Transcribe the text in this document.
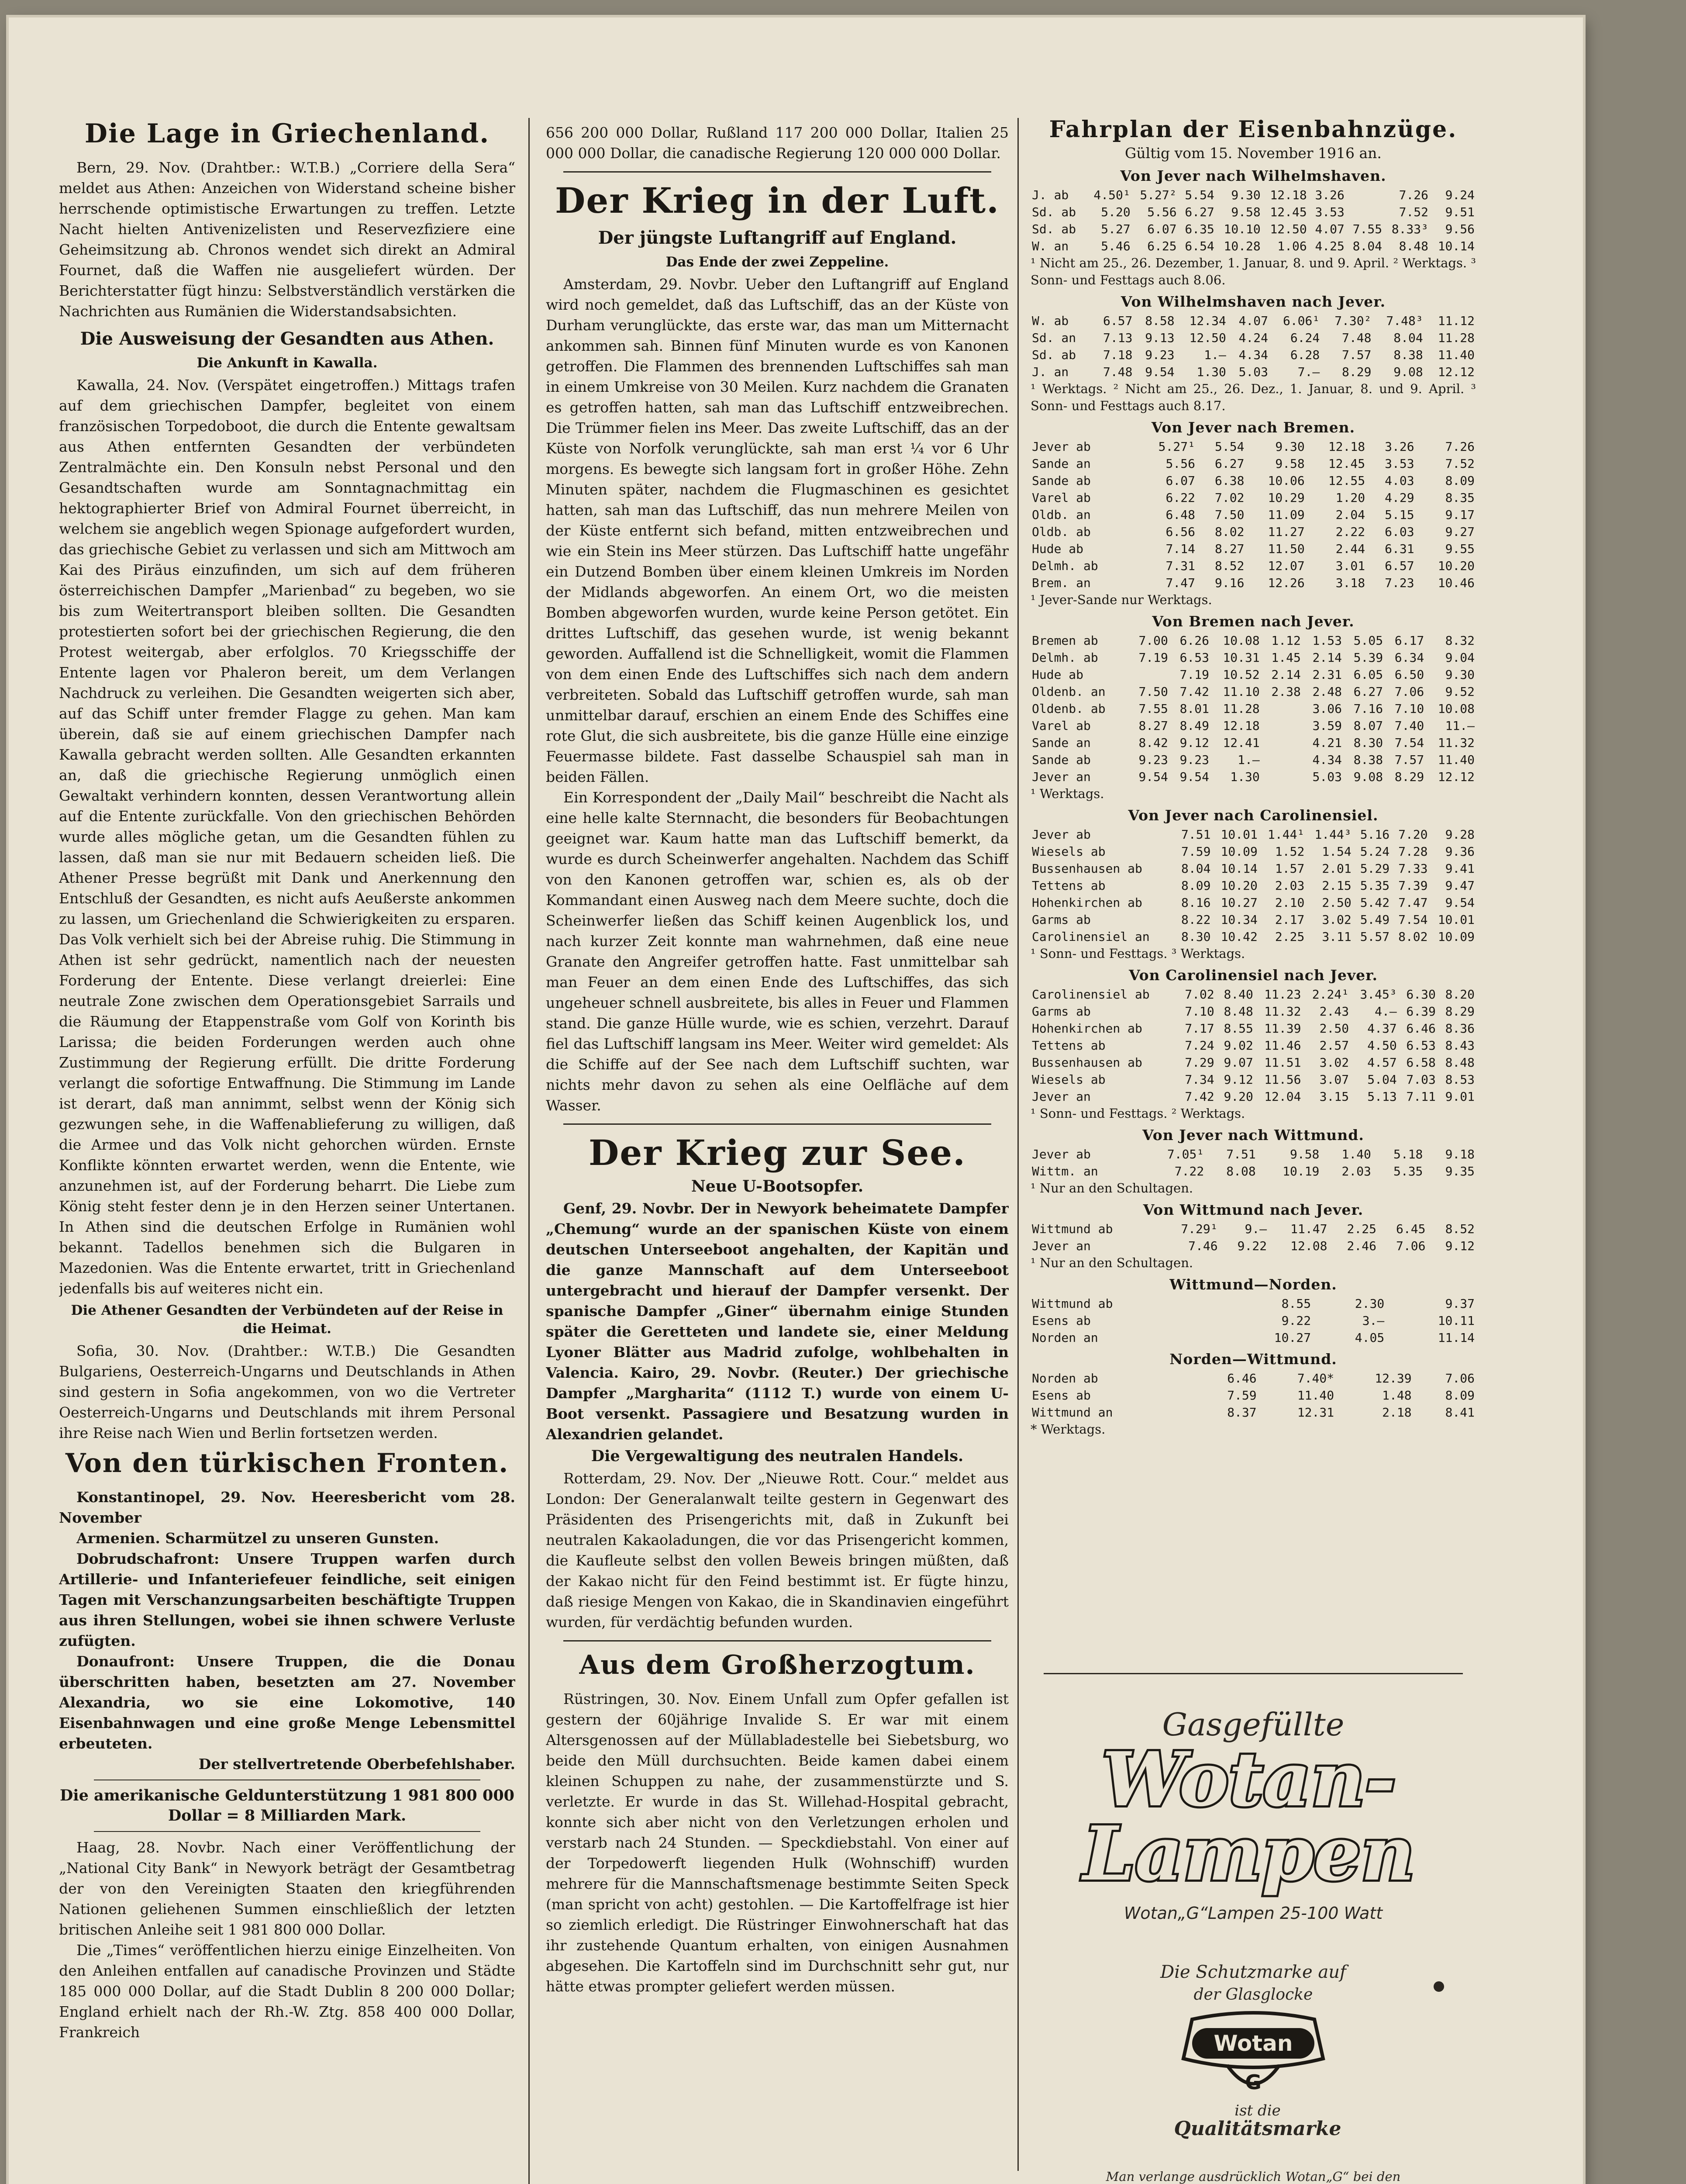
Die Lage in Griechenland.

Bern, 29. Nov. (Drahtber.: W.T.B.) „Corriere della Sera“ meldet aus Athen: Anzeichen von Widerstand scheine bisher herrschende optimistische Erwartungen zu treffen. Letzte Nacht hielten Antivenizelisten und Reservezfiziere eine Geheimsitzung ab. Chronos wendet sich direkt an Admiral Fournet, daß die Waffen nie ausgeliefert würden. Der Berichterstatter fügt hinzu: Selbstverständlich verstärken die Nachrichten aus Rumänien die Widerstandsabsichten.

Die Ausweisung der Gesandten aus Athen.
Die Ankunft in Kawalla.

Kawalla, 24. Nov. (Verspätet eingetroffen.) Mittags trafen auf dem griechischen Dampfer, begleitet von einem französischen Torpedoboot, die durch die Entente gewaltsam aus Athen entfernten Gesandten der verbündeten Zentralmächte ein. Den Konsuln nebst Personal und den Gesandtschaften wurde am Sonntagnachmittag ein hektographierter Brief von Admiral Fournet überreicht, in welchem sie angeblich wegen Spionage aufgefordert wurden, das griechische Gebiet zu verlassen und sich am Mittwoch am Kai des Piräus einzufinden, um sich auf dem früheren österreichischen Dampfer „Marienbad“ zu begeben, wo sie bis zum Weitertransport bleiben sollten. Die Gesandten protestierten sofort bei der griechischen Regierung, die den Protest weitergab, aber erfolglos. 70 Kriegsschiffe der Entente lagen vor Phaleron bereit, um dem Verlangen Nachdruck zu verleihen. Die Gesandten weigerten sich aber, auf das Schiff unter fremder Flagge zu gehen. Man kam überein, daß sie auf einem griechischen Dampfer nach Kawalla gebracht werden sollten. Alle Gesandten erkannten an, daß die griechische Regierung unmöglich einen Gewaltakt verhindern konnten, dessen Verantwortung allein auf die Entente zurückfalle. Von den griechischen Behörden wurde alles mögliche getan, um die Gesandten fühlen zu lassen, daß man sie nur mit Bedauern scheiden ließ. Die Athener Presse begrüßt mit Dank und Anerkennung den Entschluß der Gesandten, es nicht aufs Aeußerste ankommen zu lassen, um Griechenland die Schwierigkeiten zu ersparen. Das Volk verhielt sich bei der Abreise ruhig. Die Stimmung in Athen ist sehr gedrückt, namentlich nach der neuesten Forderung der Entente. Diese verlangt dreierlei: Eine neutrale Zone zwischen dem Operationsgebiet Sarrails und die Räumung der Etappenstraße vom Golf von Korinth bis Larissa; die beiden Forderungen werden auch ohne Zustimmung der Regierung erfüllt. Die dritte Forderung verlangt die sofortige Entwaffnung. Die Stimmung im Lande ist derart, daß man annimmt, selbst wenn der König sich gezwungen sehe, in die Waffenablieferung zu willigen, daß die Armee und das Volk nicht gehorchen würden. Ernste Konflikte könnten erwartet werden, wenn die Entente, wie anzunehmen ist, auf der Forderung beharrt. Die Liebe zum König steht fester denn je in den Herzen seiner Untertanen. In Athen sind die deutschen Erfolge in Rumänien wohl bekannt. Tadellos benehmen sich die Bulgaren in Mazedonien. Was die Entente erwartet, tritt in Griechenland jedenfalls bis auf weiteres nicht ein.

Die Athener Gesandten der Verbündeten auf der Reise in die Heimat.

Sofia, 30. Nov. (Drahtber.: W.T.B.) Die Gesandten Bulgariens, Oesterreich-Ungarns und Deutschlands in Athen sind gestern in Sofia angekommen, von wo die Vertreter Oesterreich-Ungarns und Deutschlands mit ihrem Personal ihre Reise nach Wien und Berlin fortsetzen werden.

Von den türkischen Fronten.

Konstantinopel, 29. Nov. Heeresbericht vom 28. November

Armenien. Scharmützel zu unseren Gunsten.

Dobrudschafront: Unsere Truppen warfen durch Artillerie- und Infanteriefeuer feindliche, seit einigen Tagen mit Verschanzungsarbeiten beschäftigte Truppen aus ihren Stellungen, wobei sie ihnen schwere Verluste zufügten.

Donaufront: Unsere Truppen, die die Donau überschritten haben, besetzten am 27. November Alexandria, wo sie eine Lokomotive, 140 Eisenbahnwagen und eine große Menge Lebensmittel erbeuteten.

Der stellvertretende Oberbefehlshaber.

Die amerikanische Geldunterstützung 1 981 800 000 Dollar = 8 Milliarden Mark.

Haag, 28. Novbr. Nach einer Veröffentlichung der „National City Bank“ in Newyork beträgt der Gesamtbetrag der von den Vereinigten Staaten den kriegführenden Nationen geliehenen Summen einschließlich der letzten britischen Anleihe seit 1 981 800 000 Dollar.

Die „Times“ veröffentlichen hierzu einige Einzelheiten. Von den Anleihen entfallen auf canadische Provinzen und Städte 185 000 000 Dollar, auf die Stadt Dublin 8 200 000 Dollar; England erhielt nach der Rh.-W. Ztg. 858 400 000 Dollar, Frankreich

656 200 000 Dollar, Rußland 117 200 000 Dollar, Italien 25 000 000 Dollar, die canadische Regierung 120 000 000 Dollar.

Der Krieg in der Luft.
Der jüngste Luftangriff auf England.
Das Ende der zwei Zeppeline.

Amsterdam, 29. Novbr. Ueber den Luftangriff auf England wird noch gemeldet, daß das Luftschiff, das an der Küste von Durham verunglückte, das erste war, das man um Mitternacht ankommen sah. Binnen fünf Minuten wurde es von Kanonen getroffen. Die Flammen des brennenden Luftschiffes sah man in einem Umkreise von 30 Meilen. Kurz nachdem die Granaten es getroffen hatten, sah man das Luftschiff entzweibrechen. Die Trümmer fielen ins Meer. Das zweite Luftschiff, das an der Küste von Norfolk verunglückte, sah man erst ¼ vor 6 Uhr morgens. Es bewegte sich langsam fort in großer Höhe. Zehn Minuten später, nachdem die Flugmaschinen es gesichtet hatten, sah man das Luftschiff, das nun mehrere Meilen von der Küste entfernt sich befand, mitten entzweibrechen und wie ein Stein ins Meer stürzen. Das Luftschiff hatte ungefähr ein Dutzend Bomben über einem kleinen Umkreis im Norden der Midlands abgeworfen. An einem Ort, wo die meisten Bomben abgeworfen wurden, wurde keine Person getötet. Ein drittes Luftschiff, das gesehen wurde, ist wenig bekannt geworden. Auffallend ist die Schnelligkeit, womit die Flammen von dem einen Ende des Luftschiffes sich nach dem andern verbreiteten. Sobald das Luftschiff getroffen wurde, sah man unmittelbar darauf, erschien an einem Ende des Schiffes eine rote Glut, die sich ausbreitete, bis die ganze Hülle eine einzige Feuermasse bildete. Fast dasselbe Schauspiel sah man in beiden Fällen.

Ein Korrespondent der „Daily Mail“ beschreibt die Nacht als eine helle kalte Sternnacht, die besonders für Beobachtungen geeignet war. Kaum hatte man das Luftschiff bemerkt, da wurde es durch Scheinwerfer angehalten. Nachdem das Schiff von den Kanonen getroffen war, schien es, als ob der Kommandant einen Ausweg nach dem Meere suchte, doch die Scheinwerfer ließen das Schiff keinen Augenblick los, und nach kurzer Zeit konnte man wahrnehmen, daß eine neue Granate den Angreifer getroffen hatte. Fast unmittelbar sah man Feuer an dem einen Ende des Luftschiffes, das sich ungeheuer schnell ausbreitete, bis alles in Feuer und Flammen stand. Die ganze Hülle wurde, wie es schien, verzehrt. Darauf fiel das Luftschiff langsam ins Meer. Weiter wird gemeldet: Als die Schiffe auf der See nach dem Luftschiff suchten, war nichts mehr davon zu sehen als eine Oelfläche auf dem Wasser.

Der Krieg zur See.
Neue U-Bootsopfer.

Genf, 29. Novbr. Der in Newyork beheimatete Dampfer „Chemung“ wurde an der spanischen Küste von einem deutschen Unterseeboot angehalten, der Kapitän und die ganze Mannschaft auf dem Unterseeboot untergebracht und hierauf der Dampfer versenkt. Der spanische Dampfer „Giner“ übernahm einige Stunden später die Geretteten und landete sie, einer Meldung Lyoner Blätter aus Madrid zufolge, wohlbehalten in Valencia. Kairo, 29. Novbr. (Reuter.) Der griechische Dampfer „Margharita“ (1112 T.) wurde von einem U-Boot versenkt. Passagiere und Besatzung wurden in Alexandrien gelandet.

Die Vergewaltigung des neutralen Handels.

Rotterdam, 29. Nov. Der „Nieuwe Rott. Cour.“ meldet aus London: Der Generalanwalt teilte gestern in Gegenwart des Präsidenten des Prisengerichts mit, daß in Zukunft bei neutralen Kakaoladungen, die vor das Prisengericht kommen, die Kaufleute selbst den vollen Beweis bringen müßten, daß der Kakao nicht für den Feind bestimmt ist. Er fügte hinzu, daß riesige Mengen von Kakao, die in Skandinavien eingeführt wurden, für verdächtig befunden wurden.

Aus dem Großherzogtum.

Rüstringen, 30. Nov. Einem Unfall zum Opfer gefallen ist gestern der 60jährige Invalide S. Er war mit einem Altersgenossen auf der Müllabladestelle bei Siebetsburg, wo beide den Müll durchsuchten. Beide kamen dabei einem kleinen Schuppen zu nahe, der zusammenstürzte und S. verletzte. Er wurde in das St. Willehad-Hospital gebracht, konnte sich aber nicht von den Verletzungen erholen und verstarb nach 24 Stunden. — Speckdiebstahl. Von einer auf der Torpedowerft liegenden Hulk (Wohnschiff) wurden mehrere für die Mannschaftsmenage bestimmte Seiten Speck (man spricht von acht) gestohlen. — Die Kartoffelfrage ist hier so ziemlich erledigt. Die Rüstringer Einwohnerschaft hat das ihr zustehende Quantum erhalten, von einigen Ausnahmen abgesehen. Die Kartoffeln sind im Durchschnitt sehr gut, nur hätte etwas prompter geliefert werden müssen.

Fahrplan der Eisenbahnzüge.
Gültig vom 15. November 1916 an.
Von Jever nach Wilhelmshaven.
J. ab	4.50¹	5.27²	5.54	9.30	12.18	3.26		7.26	9.24
Sd. ab	5.20	5.56	6.27	9.58	12.45	3.53		7.52	9.51
Sd. ab	5.27	6.07	6.35	10.10	12.50	4.07	7.55	8.33³	9.56
W. an	5.46	6.25	6.54	10.28	1.06	4.25	8.04	8.48	10.14
¹ Nicht am 25., 26. Dezember, 1. Januar, 8. und 9. April. ² Werktags. ³ Sonn- und Festtags auch 8.06.
Von Wilhelmshaven nach Jever.
W. ab	6.57	8.58	12.34	4.07	6.06¹	7.30²	7.48³	11.12
Sd. an	7.13	9.13	12.50	4.24	6.24	7.48	8.04	11.28
Sd. ab	7.18	9.23	1.—	4.34	6.28	7.57	8.38	11.40
J. an	7.48	9.54	1.30	5.03	7.—	8.29	9.08	12.12
¹ Werktags. ² Nicht am 25., 26. Dez., 1. Januar, 8. und 9. April. ³ Sonn- und Festtags auch 8.17.
Von Jever nach Bremen.
Jever ab	5.27¹	5.54	9.30	12.18	3.26	7.26
Sande an	5.56	6.27	9.58	12.45	3.53	7.52
Sande ab	6.07	6.38	10.06	12.55	4.03	8.09
Varel ab	6.22	7.02	10.29	1.20	4.29	8.35
Oldb. an	6.48	7.50	11.09	2.04	5.15	9.17
Oldb. ab	6.56	8.02	11.27	2.22	6.03	9.27
Hude ab	7.14	8.27	11.50	2.44	6.31	9.55
Delmh. ab	7.31	8.52	12.07	3.01	6.57	10.20
Brem. an	7.47	9.16	12.26	3.18	7.23	10.46
¹ Jever-Sande nur Werktags.
Von Bremen nach Jever.
Bremen ab	7.00	6.26	10.08	1.12	1.53	5.05	6.17	8.32
Delmh. ab	7.19	6.53	10.31	1.45	2.14	5.39	6.34	9.04
Hude ab		7.19	10.52	2.14	2.31	6.05	6.50	9.30
Oldenb. an	7.50	7.42	11.10	2.38	2.48	6.27	7.06	9.52
Oldenb. ab	7.55	8.01	11.28		3.06	7.16	7.10	10.08
Varel ab	8.27	8.49	12.18		3.59	8.07	7.40	11.—
Sande an	8.42	9.12	12.41		4.21	8.30	7.54	11.32
Sande ab	9.23	9.23	1.—		4.34	8.38	7.57	11.40
Jever an	9.54	9.54	1.30		5.03	9.08	8.29	12.12
¹ Werktags.
Von Jever nach Carolinensiel.
Jever ab	7.51	10.01	1.44¹	1.44³	5.16	7.20	9.28
Wiesels ab	7.59	10.09	1.52	1.54	5.24	7.28	9.36
Bussenhausen ab	8.04	10.14	1.57	2.01	5.29	7.33	9.41
Tettens ab	8.09	10.20	2.03	2.15	5.35	7.39	9.47
Hohenkirchen ab	8.16	10.27	2.10	2.50	5.42	7.47	9.54
Garms ab	8.22	10.34	2.17	3.02	5.49	7.54	10.01
Carolinensiel an	8.30	10.42	2.25	3.11	5.57	8.02	10.09
¹ Sonn- und Festtags. ³ Werktags.
Von Carolinensiel nach Jever.
Carolinensiel ab	7.02	8.40	11.23	2.24¹	3.45³	6.30	8.20
Garms ab	7.10	8.48	11.32	2.43	4.—	6.39	8.29
Hohenkirchen ab	7.17	8.55	11.39	2.50	4.37	6.46	8.36
Tettens ab	7.24	9.02	11.46	2.57	4.50	6.53	8.43
Bussenhausen ab	7.29	9.07	11.51	3.02	4.57	6.58	8.48
Wiesels ab	7.34	9.12	11.56	3.07	5.04	7.03	8.53
Jever an	7.42	9.20	12.04	3.15	5.13	7.11	9.01
¹ Sonn- und Festtags. ² Werktags.
Von Jever nach Wittmund.
Jever ab	7.05¹	7.51	9.58	1.40	5.18	9.18
Wittm. an	7.22	8.08	10.19	2.03	5.35	9.35
¹ Nur an den Schultagen.
Von Wittmund nach Jever.
Wittmund ab	7.29¹	9.—	11.47	2.25	6.45	8.52
Jever an	7.46	9.22	12.08	2.46	7.06	9.12
¹ Nur an den Schultagen.
Wittmund—Norden.
Wittmund ab	8.55	2.30	9.37
Esens ab	9.22	3.—	10.11
Norden an	10.27	4.05	11.14
Norden—Wittmund.
Norden ab	6.46	7.40*	12.39	7.06
Esens ab	7.59	11.40	1.48	8.09
Wittmund an	8.37	12.31	2.18	8.41
* Werktags.
Gasgefüllte
Wotan-
Lampen
Wotan„G“Lampen 25-100 Watt
Die Schutzmarke auf
der Glasglocke
Wotan
G
ist die
Qualitätsmarke
Man verlange ausdrücklich Wotan„G“ bei den
